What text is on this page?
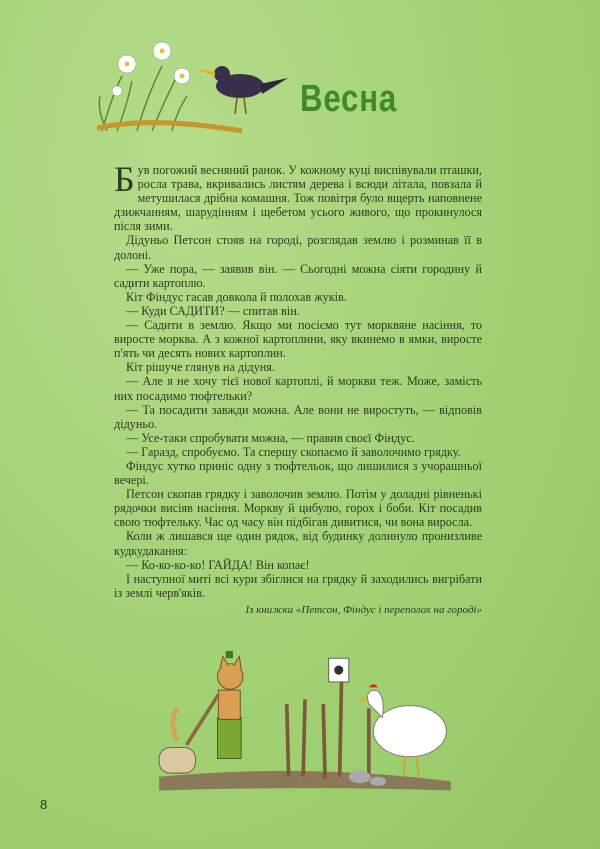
Весна

Був погожий весняний ранок. У кожному куці виспівували пташки, росла трава, вкривались листям дерева і всюди літала, повзала й метушилася дрібна комашня. Тож повітря було вщерть наповнене дзижчанням, шарудінням і щебетом усього живого, що прокинулося після зими.

Дідуньо Петсон стояв на городі, розглядав землю і розминав її в долоні.

— Уже пора, — заявив він. — Сьогодні можна сіяти городину й садити картоплю.

Кіт Фіндус гасав довкола й полохав жуків.

— Куди САДИТИ? — спитав він.

— Садити в землю. Якщо ми посіємо тут морквяне насіння, то виросте морква. А з кожної картоплини, яку вкинемо в ямки, виросте п'ять чи десять нових картоплин.

Кіт рішуче глянув на дідуня.

— Але я не хочу тієї нової картоплі, й моркви теж. Може, замість них посадимо тюфтельки?

— Та посадити завжди можна. Але вони не виростуть, — відповів дідуньо.

— Усе-таки спробувати можна, — правив своєї Фіндус.

— Гаразд, спробуємо. Та спершу скопаємо й заволочимо грядку.

Фіндус хутко приніс одну з тюфтельок, що лишилися з учорашньої вечері.

Петсон скопав грядку і заволочив землю. Потім у доладні рівненькі рядочки висіяв насіння. Моркву й цибулю, горох і боби. Кіт посадив свою тюфтельку. Час од часу він підбігав дивитися, чи вона виросла.

Коли ж лишався ще один рядок, від будинку долинуло пронизливе кудкудакання:

— Ко-ко-ко-ко! ГАЙДА! Він копає!

І наступної миті всі кури збіглися на грядку й заходились вигрібати із землі черв'яків.

Із книжки «Петсон, Фіндус і переполох на городі»

8
